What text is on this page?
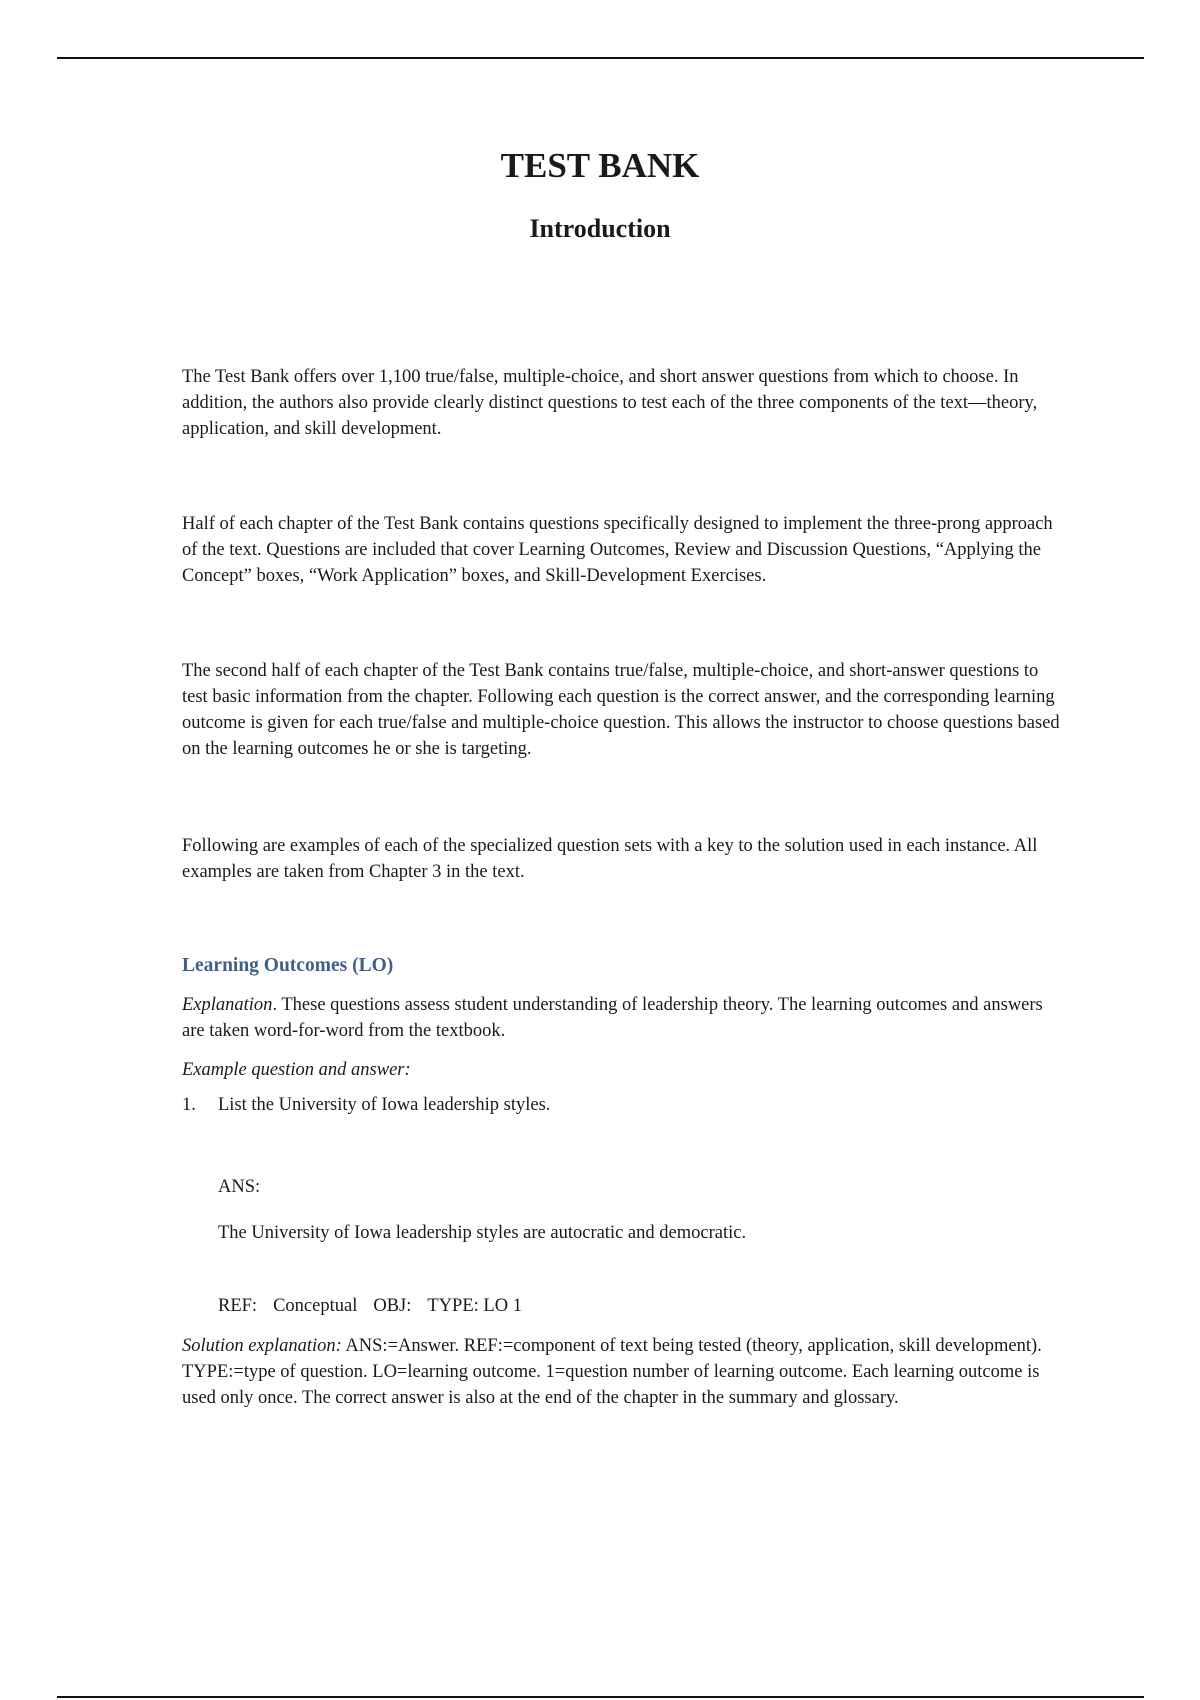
TEST BANK
Introduction

The Test Bank offers over 1,100 true/false, multiple-choice, and short answer questions from which to choose. In addition, the authors also provide clearly distinct questions to test each of the three components of the text—theory, application, and skill development.

Half of each chapter of the Test Bank contains questions specifically designed to implement the three-prong approach of the text. Questions are included that cover Learning Outcomes, Review and Discussion Questions, “Applying the Concept” boxes, “Work Application” boxes, and Skill-Development Exercises.

The second half of each chapter of the Test Bank contains true/false, multiple-choice, and short-answer questions to test basic information from the chapter. Following each question is the correct answer, and the corresponding learning outcome is given for each true/false and multiple-choice question. This allows the instructor to choose questions based on the learning outcomes he or she is targeting.

Following are examples of each of the specialized question sets with a key to the solution used in each instance. All examples are taken from Chapter 3 in the text.

Learning Outcomes (LO)

Explanation. These questions assess student understanding of leadership theory. The learning outcomes and answers are taken word-for-word from the textbook.

Example question and answer:

1. List the University of Iowa leadership styles.

ANS:

The University of Iowa leadership styles are autocratic and democratic.

REF: Conceptual OBJ: TYPE: LO 1

Solution explanation: ANS:=Answer. REF:=component of text being tested (theory, application, skill development). TYPE:=type of question. LO=learning outcome. 1=question number of learning outcome. Each learning outcome is used only once. The correct answer is also at the end of the chapter in the summary and glossary.
